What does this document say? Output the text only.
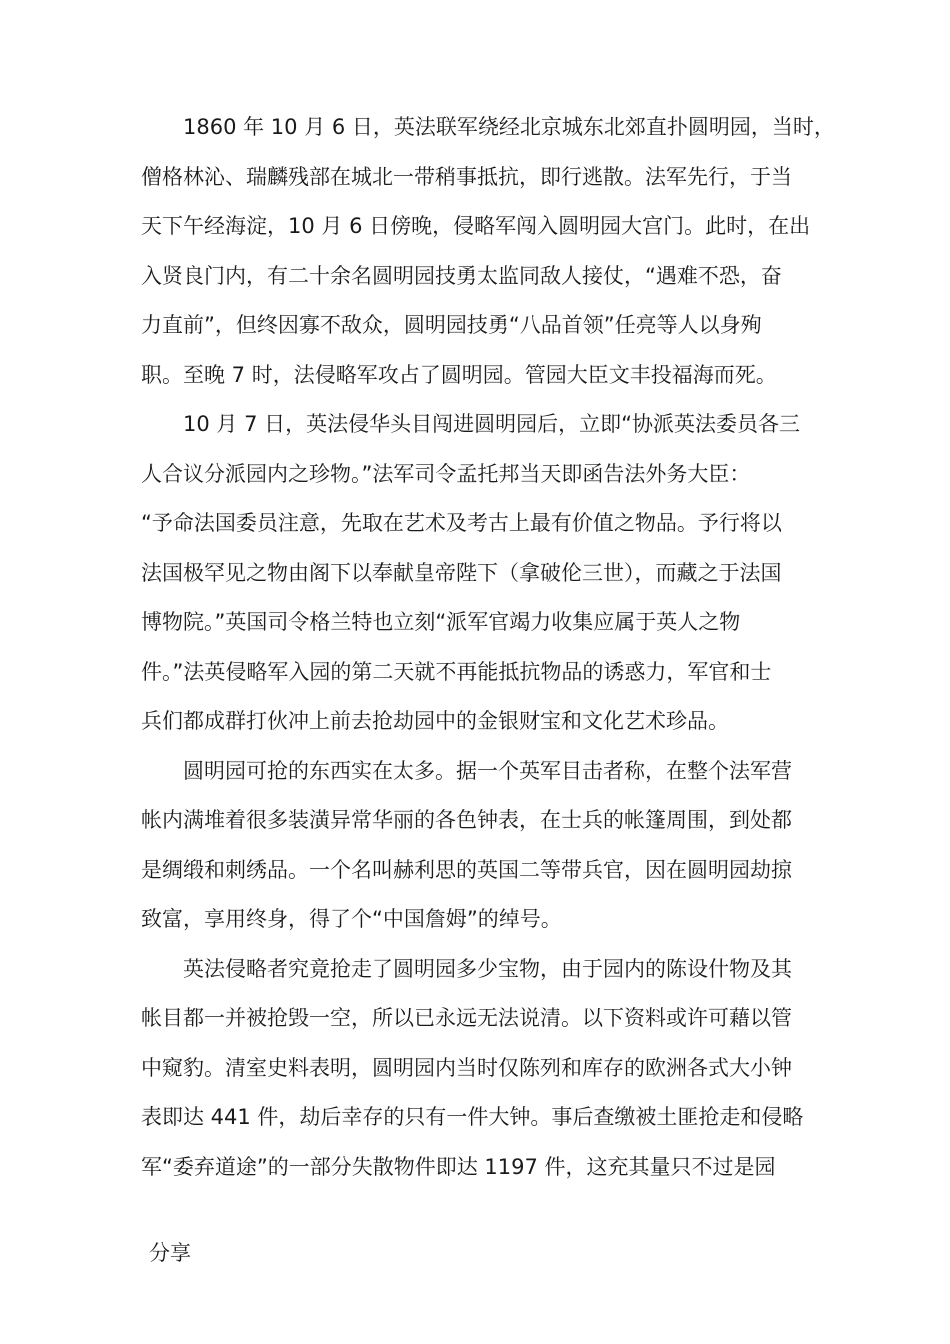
　　1860 年 10 月 6 日，英法联军绕经北京城东北郊直扑圆明园，当时，
僧格林沁、瑞麟残部在城北一带稍事抵抗，即行逃散。法军先行，于当
天下午经海淀，10 月 6 日傍晚，侵略军闯入圆明园大宫门。此时，在出
入贤良门内，有二十余名圆明园技勇太监同敌人接仗，“遇难不恐，奋
力直前”，但终因寡不敌众，圆明园技勇“八品首领”任亮等人以身殉
职。至晚 7 时，法侵略军攻占了圆明园。管园大臣文丰投福海而死。
　　10 月 7 日，英法侵华头目闯进圆明园后，立即“协派英法委员各三
人合议分派园内之珍物。”法军司令孟托邦当天即函告法外务大臣：
“予命法国委员注意，先取在艺术及考古上最有价值之物品。予行将以
法国极罕见之物由阁下以奉献皇帝陛下（拿破伦三世），而藏之于法国
博物院。”英国司令格兰特也立刻“派军官竭力收集应属于英人之物
件。”法英侵略军入园的第二天就不再能抵抗物品的诱惑力，军官和士
兵们都成群打伙冲上前去抢劫园中的金银财宝和文化艺术珍品。
　　圆明园可抢的东西实在太多。据一个英军目击者称，在整个法军营
帐内满堆着很多装潢异常华丽的各色钟表，在士兵的帐篷周围，到处都
是绸缎和刺绣品。一个名叫赫利思的英国二等带兵官，因在圆明园劫掠
致富，享用终身，得了个“中国詹姆”的绰号。
　　英法侵略者究竟抢走了圆明园多少宝物，由于园内的陈设什物及其
帐目都一并被抢毁一空，所以已永远无法说清。以下资料或许可藉以管
中窥豹。清室史料表明，圆明园内当时仅陈列和库存的欧洲各式大小钟
表即达 441 件，劫后幸存的只有一件大钟。事后查缴被土匪抢走和侵略
军“委弃道途”的一部分失散物件即达 1197 件，这充其量只不过是园
分享
